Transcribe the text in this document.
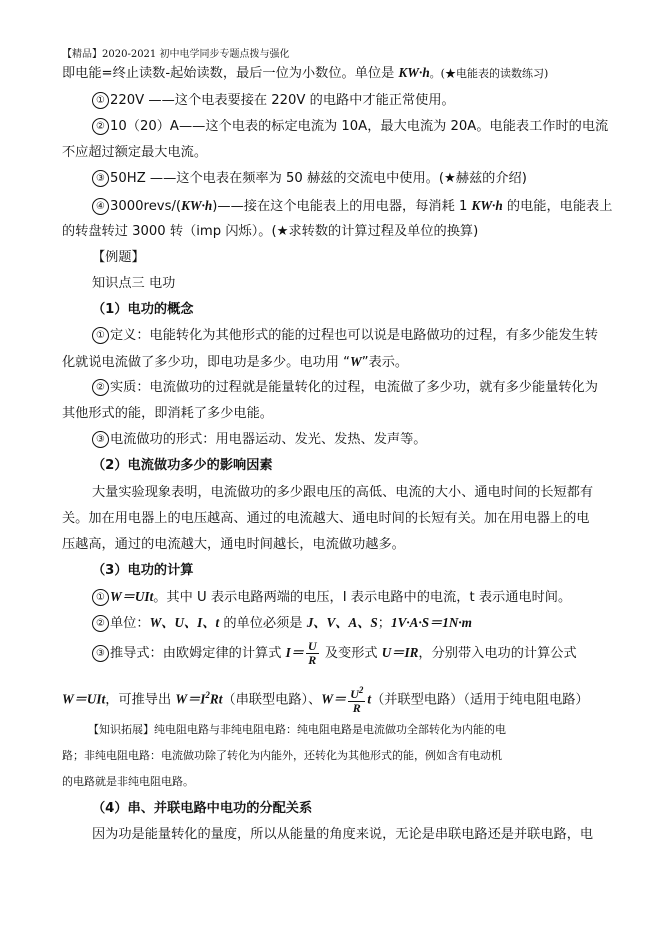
【精品】2020-2021 初中电学同步专题点拨与强化
即电能=终止读数-起始读数，最后一位为小数位。单位是 KW·h。(★电能表的读数练习)
① 220V ——这个电表要接在 220V 的电路中才能正常使用。
② 10（20）A——这个电表的标定电流为 10A，最大电流为 20A。电能表工作时的电流
不应超过额定最大电流。
③ 50HZ ——这个电表在频率为 50 赫兹的交流电中使用。(★赫兹的介绍)
④ 3000revs/(KW·h)——接在这个电能表上的用电器，每消耗 1 KW·h 的电能，电能表上
的转盘转过 3000 转（imp 闪烁）。(★求转数的计算过程及单位的换算)
【例题】
知识点三 电功
（1）电功的概念
① 定义：电能转化为其他形式的能的过程也可以说是电路做功的过程，有多少能发生转
化就说电流做了多少功，即电功是多少。电功用 “W”表示。
② 实质：电流做功的过程就是能量转化的过程，电流做了多少功，就有多少能量转化为
其他形式的能，即消耗了多少电能。
③ 电流做功的形式：用电器运动、发光、发热、发声等。
（2）电流做功多少的影响因素
大量实验现象表明，电流做功的多少跟电压的高低、电流的大小、通电时间的长短都有
关。加在用电器上的电压越高、通过的电流越大、通电时间的长短有关。加在用电器上的电
压越高，通过的电流越大，通电时间越长，电流做功越多。
（3）电功的计算
① W＝UIt。其中 U 表示电路两端的电压，I 表示电路中的电流，t 表示通电时间。
② 单位：W、U、I、t 的单位必须是 J、V、A、S；1V·A·S＝1N·m
③ 推导式：由欧姆定律的计算式 $I= \frac{U}{R}$ 及变形式 U＝IR，分别带入电功的计算公式
W＝UIt，可推导出 $W=I^2Rt$（串联型电路）、$W= \frac{U^2}{R} t$（并联型电路）（适用于纯电阻电路）
【知识拓展】纯电阻电路与非纯电阻电路：纯电阻电路是电流做功全部转化为内能的电
路；非纯电阻电路：电流做功除了转化为内能外，还转化为其他形式的能，例如含有电动机
的电路就是非纯电阻电路。
（4）串、并联电路中电功的分配关系
因为功是能量转化的量度，所以从能量的角度来说，无论是串联电路还是并联电路，电
